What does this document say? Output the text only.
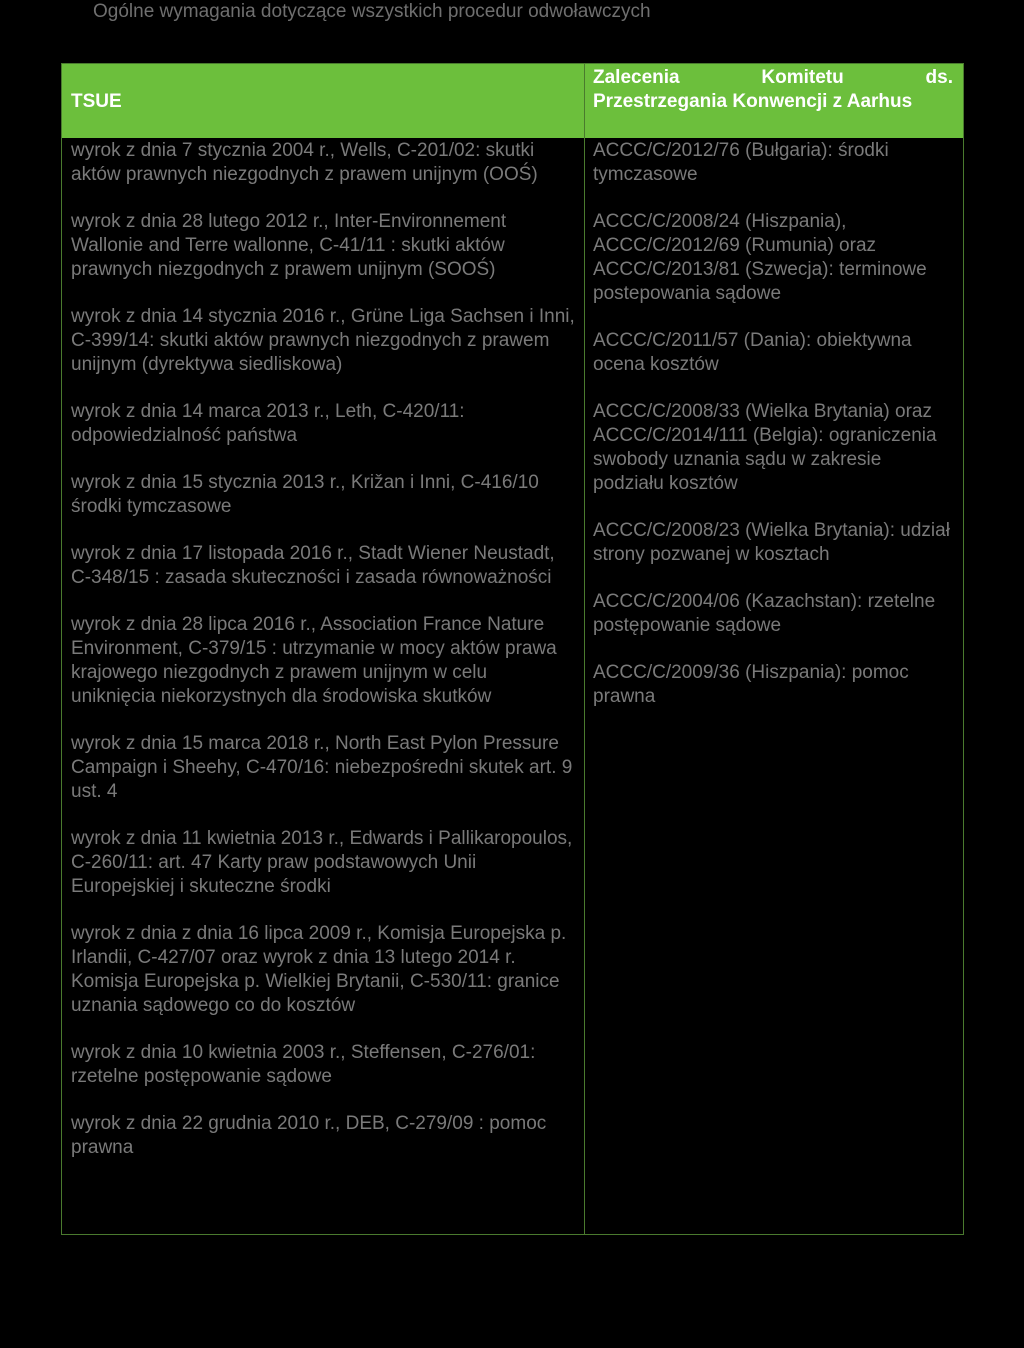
Ogólne wymagania dotyczące wszystkich procedur odwoławczych
TSUE
Zalecenia Komitetu ds.
Przestrzegania Konwencji z Aarhus

wyrok z dnia 7 stycznia 2004 r., Wells, C-201/02: skutki aktów prawnych niezgodnych z prawem unijnym (OOŚ)

wyrok z dnia 28 lutego 2012 r., Inter-Environnement Wallonie and Terre wallonne, C-41/11 : skutki aktów prawnych niezgodnych z prawem unijnym (SOOŚ)

wyrok z dnia 14 stycznia 2016 r., Grüne Liga Sachsen i Inni, C-399/14: skutki aktów prawnych niezgodnych z prawem unijnym (dyrektywa siedliskowa)

wyrok z dnia 14 marca 2013 r., Leth, C-420/11: odpowiedzialność państwa

wyrok z dnia 15 stycznia 2013 r., Križan i Inni, C-416/10 środki tymczasowe

wyrok z dnia 17 listopada 2016 r., Stadt Wiener Neustadt, C-348/15 : zasada skuteczności i zasada równoważności

wyrok z dnia 28 lipca 2016 r., Association France Nature Environment, C-379/15 : utrzymanie w mocy aktów prawa krajowego niezgodnych z prawem unijnym w celu uniknięcia niekorzystnych dla środowiska skutków

wyrok z dnia 15 marca 2018 r., North East Pylon Pressure Campaign i Sheehy, C-470/16: niebezpośredni skutek art. 9 ust. 4

wyrok z dnia 11 kwietnia 2013 r., Edwards i Pallikaropoulos, C-260/11: art. 47 Karty praw podstawowych Unii Europejskiej i skuteczne środki

wyrok z dnia z dnia 16 lipca 2009 r., Komisja Europejska p. Irlandii, C-427/07 oraz wyrok z dnia 13 lutego 2014 r. Komisja Europejska p. Wielkiej Brytanii, C-530/11: granice uznania sądowego co do kosztów

wyrok z dnia 10 kwietnia 2003 r., Steffensen, C-276/01: rzetelne postępowanie sądowe

wyrok z dnia 22 grudnia 2010 r., DEB, C-279/09 : pomoc prawna

ACCC/C/2012/76 (Bułgaria): środki tymczasowe

ACCC/C/2008/24 (Hiszpania), ACCC/C/2012/69 (Rumunia) oraz ACCC/C/2013/81 (Szwecja): terminowe postepowania sądowe

ACCC/C/2011/57 (Dania): obiektywna ocena kosztów

ACCC/C/2008/33 (Wielka Brytania) oraz ACCC/C/2014/111 (Belgia): ograniczenia swobody uznania sądu w zakresie podziału kosztów

ACCC/C/2008/23 (Wielka Brytania): udział strony pozwanej w kosztach

ACCC/C/2004/06 (Kazachstan): rzetelne postępowanie sądowe

ACCC/C/2009/36 (Hiszpania): pomoc prawna
